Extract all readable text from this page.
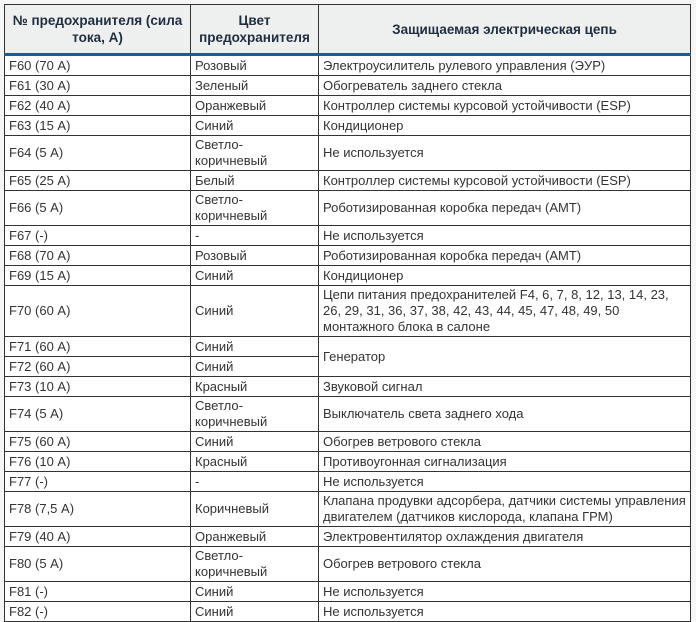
№ предохранителя (сила тока, А)	Цвет предохранителя	Защищаемая электрическая цепь
F60 (70 А)	Розовый	Электроусилитель рулевого управления (ЭУР)
F61 (30 А)	Зеленый	Обогреватель заднего стекла
F62 (40 А)	Оранжевый	Контроллер системы курсовой устойчивости (ESP)
F63 (15 А)	Синий	Кондиционер
F64 (5 А)	Светло-коричневый	Не используется
F65 (25 А)	Белый	Контроллер системы курсовой устойчивости (ESP)
F66 (5 А)	Светло-коричневый	Роботизированная коробка передач (АМТ)
F67 (-)	-	Не используется
F68 (70 А)	Розовый	Роботизированная коробка передач (АМТ)
F69 (15 А)	Синий	Кондиционер
F70 (60 А)	Синий	Цепи питания предохранителей F4, 6, 7, 8, 12, 13, 14, 23, 26, 29, 31, 36, 37, 38, 42, 43, 44, 45, 47, 48, 49, 50 монтажного блока в салоне
F71 (60 А)	Синий	Генератор
F72 (60 А)	Синий	
F73 (10 А)	Красный	Звуковой сигнал
F74 (5 А)	Светло-коричневый	Выключатель света заднего хода
F75 (60 А)	Синий	Обогрев ветрового стекла
F76 (10 А)	Красный	Противоугонная сигнализация
F77 (-)	-	Не используется
F78 (7,5 А)	Коричневый	Клапана продувки адсорбера, датчики системы управления двигателем (датчиков кислорода, клапана ГРМ)
F79 (40 А)	Оранжевый	Электровентилятор охлаждения двигателя
F80 (5 А)	Светло-коричневый	Обогрев ветрового стекла
F81 (-)	Синий	Не используется
F82 (-)	Синий	Не используется
